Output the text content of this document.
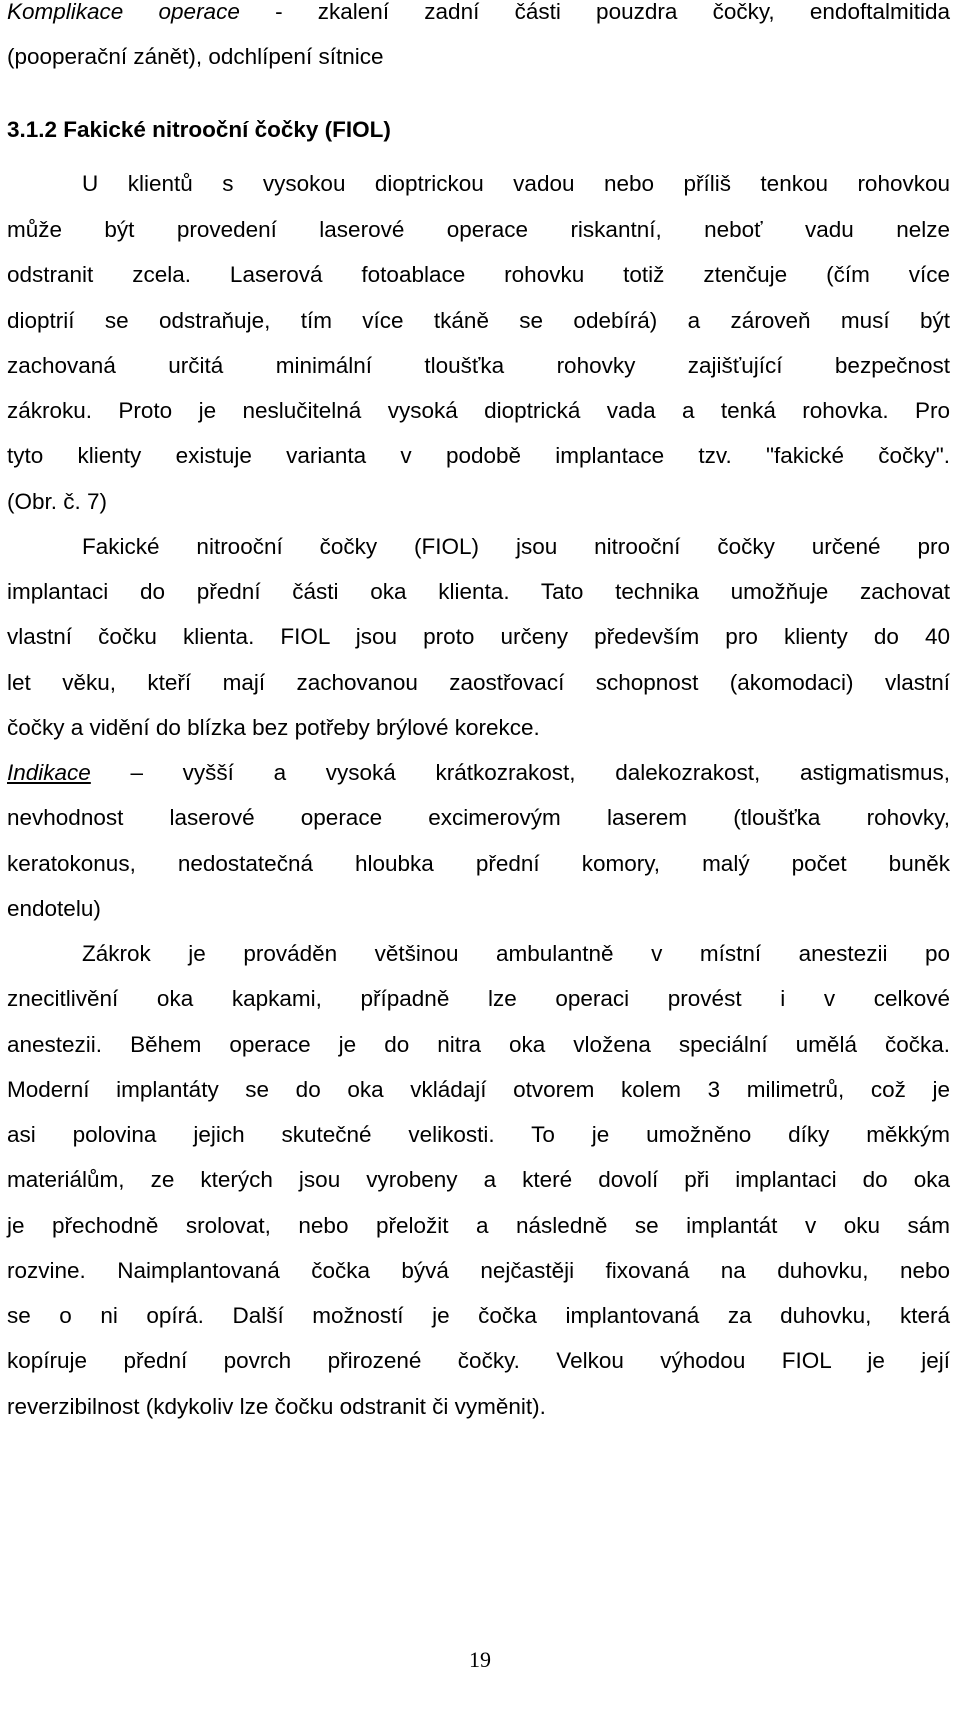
Komplikace operace - zkalení zadní části pouzdra čočky, endoftalmitida
(pooperační zánět), odchlípení sítnice
3.1.2 Fakické nitrooční čočky (FIOL)
U klientů s vysokou dioptrickou vadou nebo příliš tenkou rohovkou
může být provedení laserové operace riskantní, neboť vadu nelze
odstranit zcela. Laserová fotoablace rohovku totiž ztenčuje (čím více
dioptrií se odstraňuje, tím více tkáně se odebírá) a zároveň musí být
zachovaná určitá minimální tloušťka rohovky zajišťující bezpečnost
zákroku. Proto je neslučitelná vysoká dioptrická vada a tenká rohovka. Pro
tyto klienty existuje varianta v podobě implantace tzv. "fakické čočky".
(Obr. č. 7)
Fakické nitrooční čočky (FIOL) jsou nitrooční čočky určené pro
implantaci do přední části oka klienta. Tato technika umožňuje zachovat
vlastní čočku klienta. FIOL jsou proto určeny především pro klienty do 40
let věku, kteří mají zachovanou zaostřovací schopnost (akomodaci) vlastní
čočky a vidění do blízka bez potřeby brýlové korekce.
Indikace – vyšší a vysoká krátkozrakost, dalekozrakost, astigmatismus,
nevhodnost laserové operace excimerovým laserem (tloušťka rohovky,
keratokonus, nedostatečná hloubka přední komory, malý počet buněk
endotelu)
Zákrok je prováděn většinou ambulantně v místní anestezii po
znecitlivění oka kapkami, případně lze operaci provést i v celkové
anestezii. Během operace je do nitra oka vložena speciální umělá čočka.
Moderní implantáty se do oka vkládají otvorem kolem 3 milimetrů, což je
asi polovina jejich skutečné velikosti. To je umožněno díky měkkým
materiálům, ze kterých jsou vyrobeny a které dovolí při implantaci do oka
je přechodně srolovat, nebo přeložit a následně se implantát v oku sám
rozvine. Naimplantovaná čočka bývá nejčastěji fixovaná na duhovku, nebo
se o ni opírá. Další možností je čočka implantovaná za duhovku, která
kopíruje přední povrch přirozené čočky. Velkou výhodou FIOL je její
reverzibilnost (kdykoliv lze čočku odstranit či vyměnit).
19
